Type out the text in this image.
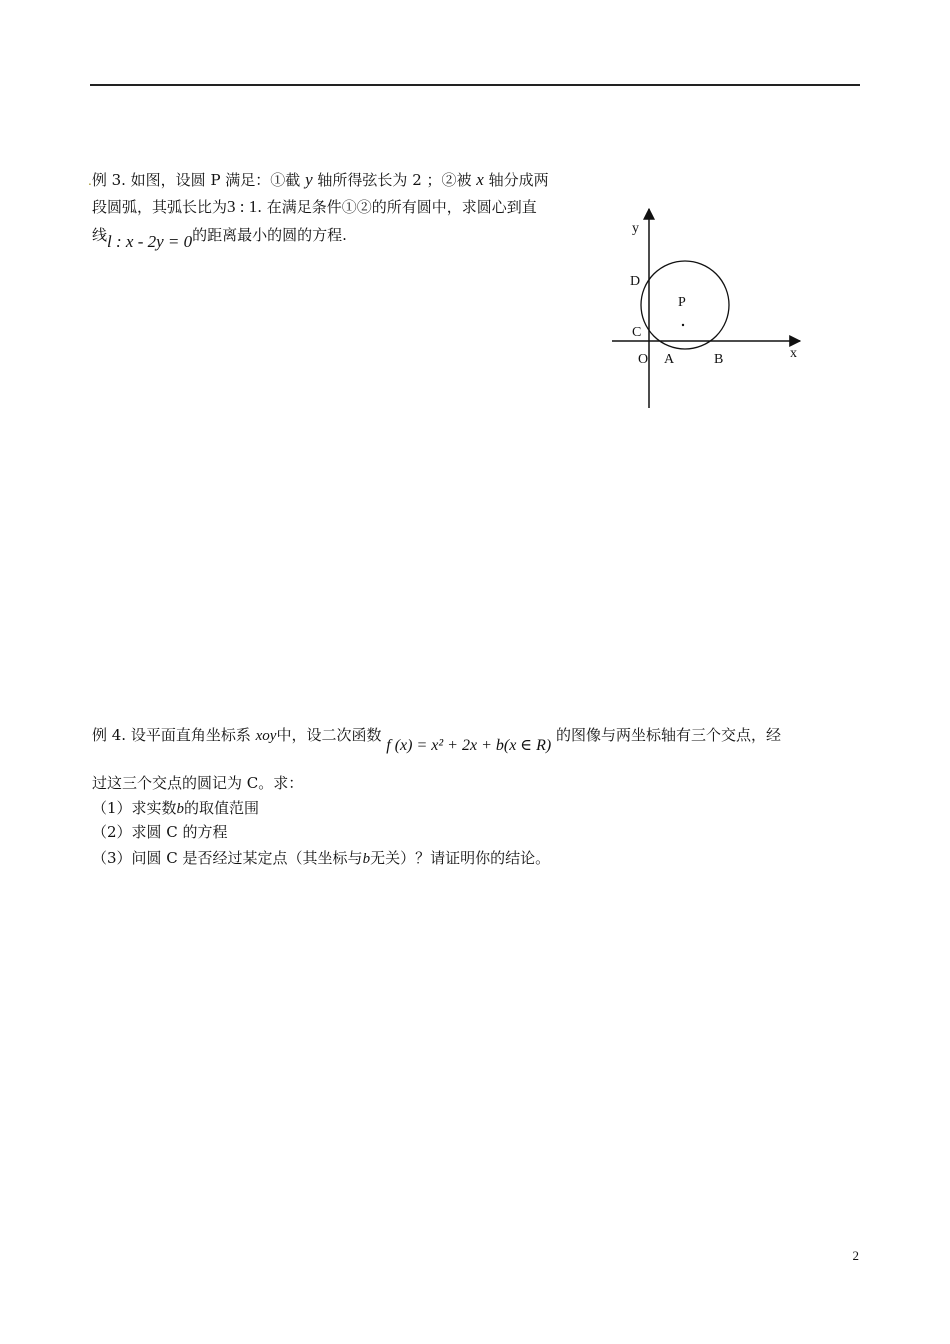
.例 3. 如图，设圆 P 满足：①截 y 轴所得弦长为 2 ；②被 x 轴分成两
段圆弧，其弧长比为3 : 1. 在满足条件①②的所有圆中，求圆心到直
线l : x - 2y = 0的距离最小的圆的方程.	y
x
D
P
C
O A	B
例 4. 设平面直角坐标系 xoy中，设二次函数 f (x) = x² + 2x + b(x ∈ R) 的图像与两坐标轴有三个交点，经
过这三个交点的圆记为 C。求：
（1）求实数b的取值范围
（2）求圆 C 的方程
（3）问圆 C 是否经过某定点（其坐标与b无关）？请证明你的结论。
2
